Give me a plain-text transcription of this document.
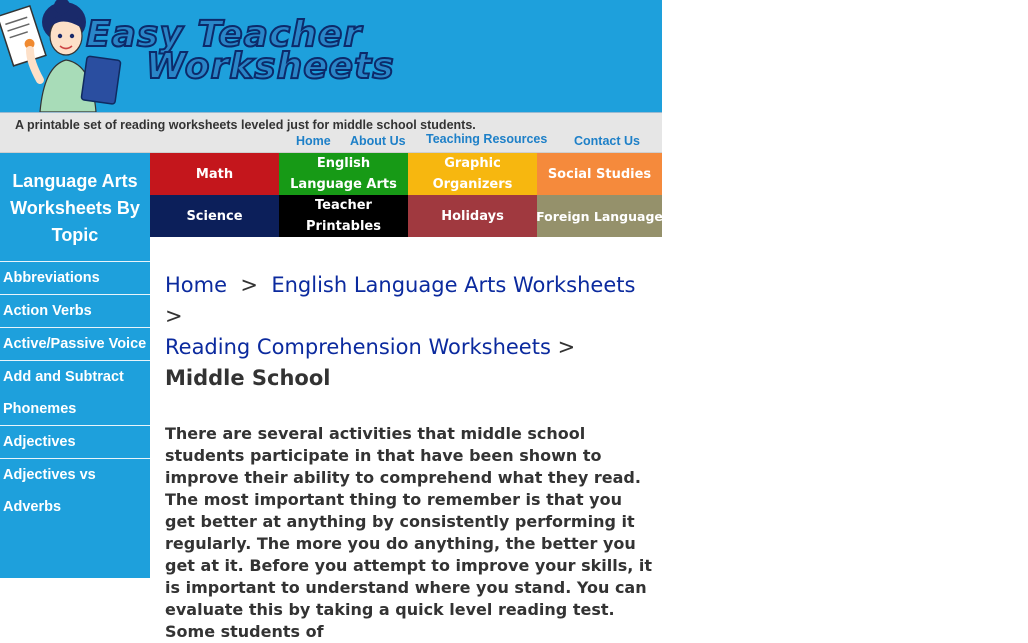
Easy Teacher
Worksheets
A printable set of reading worksheets leveled just for middle school students.
Home About Us Teaching Resources Contact Us
Language Arts Worksheets By Topic
Abbreviations
Action Verbs
Active/Passive Voice
Add and Subtract Phonemes
Adjectives
Adjectives vs Adverbs
Math
English Language Arts
Graphic Organizers
Social Studies
Science
Teacher Printables
Holidays	Foreign Language
Home > English Language Arts Worksheets >
Reading Comprehension Worksheets >
Middle School
There are several activities that middle school students participate in that have been shown to improve their ability to comprehend what they read. The most important thing to remember is that you get better at anything by consistently performing it regularly. The more you do anything, the better you get at it. Before you attempt to improve your skills, it is important to understand where you stand. You can evaluate this by taking a quick level reading test. Some students of
